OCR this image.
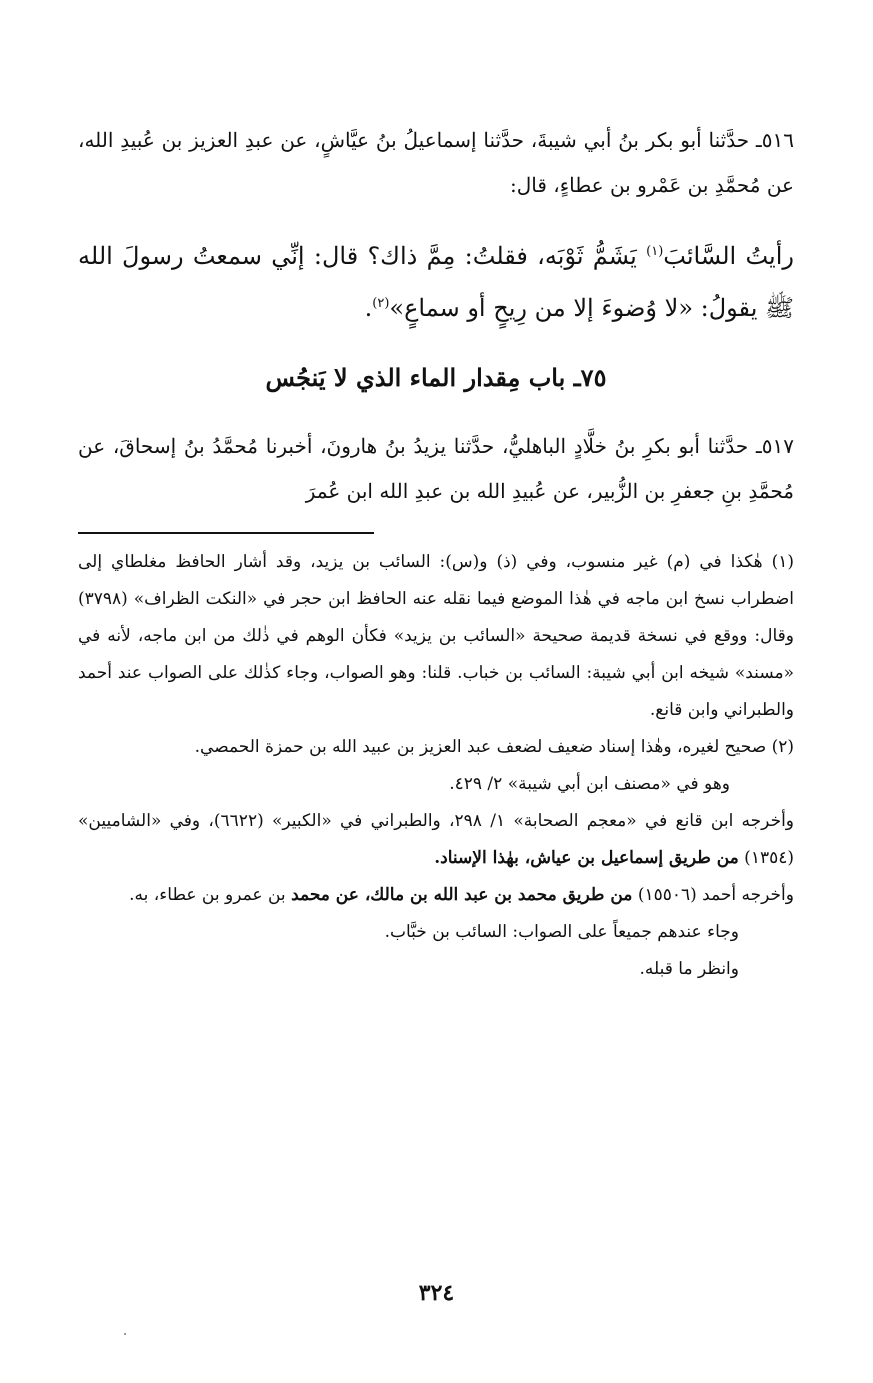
٥١٦ـ حدَّثنا أبو بكر بنُ أبي شيبةَ، حدَّثنا إسماعيلُ بنُ عيَّاشٍ، عن عبدِ العزيز بن عُبيدِ الله، عن مُحمَّدِ بن عَمْرو بن عطاءٍ، قال:

رأيتُ السَّائبَ$^{(١)}$ يَشَمُّ ثَوْبَه، فقلتُ: مِمَّ ذاك؟ قال: إنِّي سمعتُ رسولَ الله ﷺ يقولُ: «لا وُضوءَ إلا من رِيحٍ أو سماعٍ»$^{(٢)}$.

٧٥ـ باب مِقدار الماء الذي لا يَنجُس

٥١٧ـ حدَّثنا أبو بكرِ بنُ خلَّادٍ الباهليُّ، حدَّثنا يزيدُ بنُ هارونَ، أخبرنا مُحمَّدُ بنُ إسحاقَ، عن مُحمَّدِ بنِ جعفرِ بن الزُّبير، عن عُبيدِ الله بن عبدِ الله ابن عُمرَ

(١) هٰكذا في (م) غير منسوب، وفي (ذ) و(س): السائب بن يزيد، وقد أشار الحافظ مغلطاي إلى اضطراب نسخ ابن ماجه في هٰذا الموضع فيما نقله عنه الحافظ ابن حجر في «النكت الظراف» (٣٧٩٨) وقال: ووقع في نسخة قديمة صحيحة «السائب بن يزيد» فكأن الوهم في ذٰلك من ابن ماجه، لأنه في «مسند» شيخه ابن أبي شيبة: السائب بن خباب. قلنا: وهو الصواب، وجاء كذٰلك على الصواب عند أحمد والطبراني وابن قانع.

(٢) صحيح لغيره، وهٰذا إسناد ضعيف لضعف عبد العزيز بن عبيد الله بن حمزة الحمصي.

وهو في «مصنف ابن أبي شيبة» ٢/ ٤٢٩.

وأخرجه ابن قانع في «معجم الصحابة» ١/ ٢٩٨، والطبراني في «الكبير» (٦٦٢٢)، وفي «الشاميين» (١٣٥٤) من طريق إسماعيل بن عياش، بهٰذا الإسناد.

وأخرجه أحمد (١٥٥٠٦) من طريق محمد بن عبد الله بن مالك، عن محمد بن عمرو بن عطاء، به.

وجاء عندهم جميعاً على الصواب: السائب بن خبَّاب.

وانظر ما قبله.

٣٢٤
